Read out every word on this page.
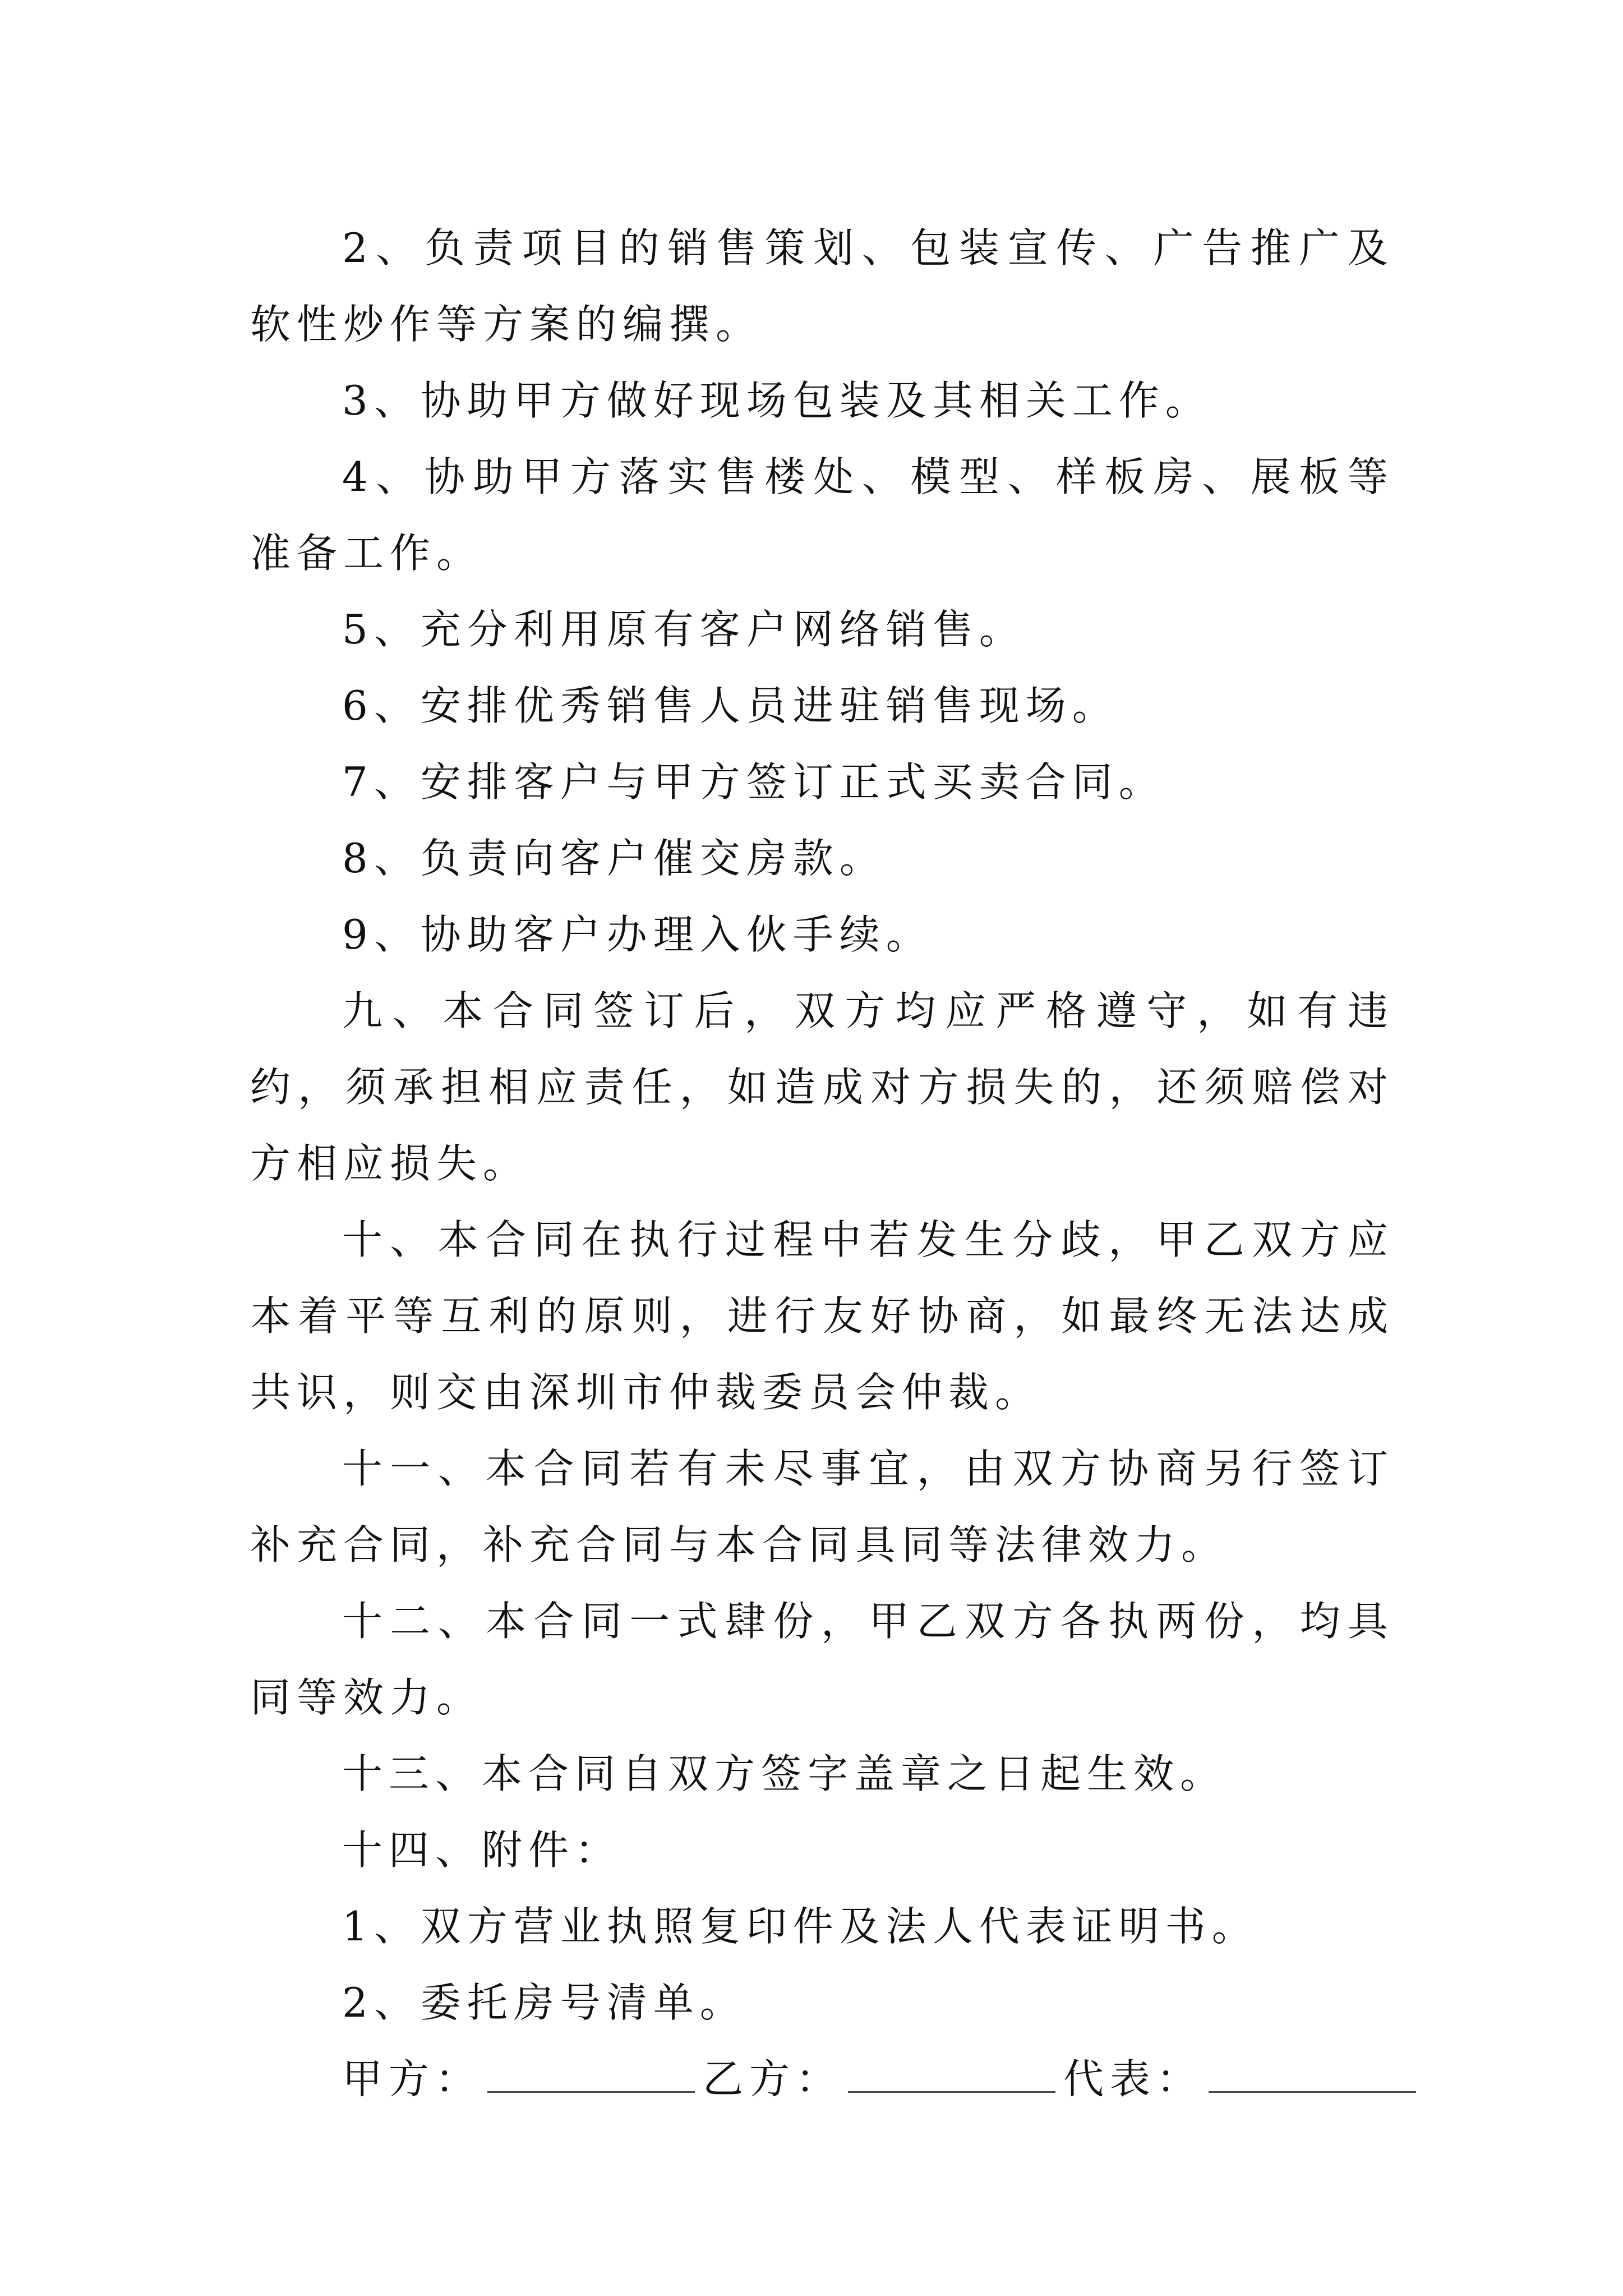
2、负责项目的销售策划、包装宣传、广告推广及软性炒作等方案的编撰。

3、协助甲方做好现场包装及其相关工作。

4、协助甲方落实售楼处、模型、样板房、展板等准备工作。

5、充分利用原有客户网络销售。

6、安排优秀销售人员进驻销售现场。

7、安排客户与甲方签订正式买卖合同。

8、负责向客户催交房款。

9、协助客户办理入伙手续。

九、本合同签订后，双方均应严格遵守，如有违约，须承担相应责任，如造成对方损失的，还须赔偿对方相应损失。

十、本合同在执行过程中若发生分歧，甲乙双方应本着平等互利的原则，进行友好协商，如最终无法达成共识，则交由深圳市仲裁委员会仲裁。

十一、本合同若有未尽事宜，由双方协商另行签订补充合同，补充合同与本合同具同等法律效力。

十二、本合同一式肆份，甲乙双方各执两份，均具同等效力。

十三、本合同自双方签字盖章之日起生效。

十四、附件：

1、双方营业执照复印件及法人代表证明书。

2、委托房号清单。

甲方：	乙方：	代表：
